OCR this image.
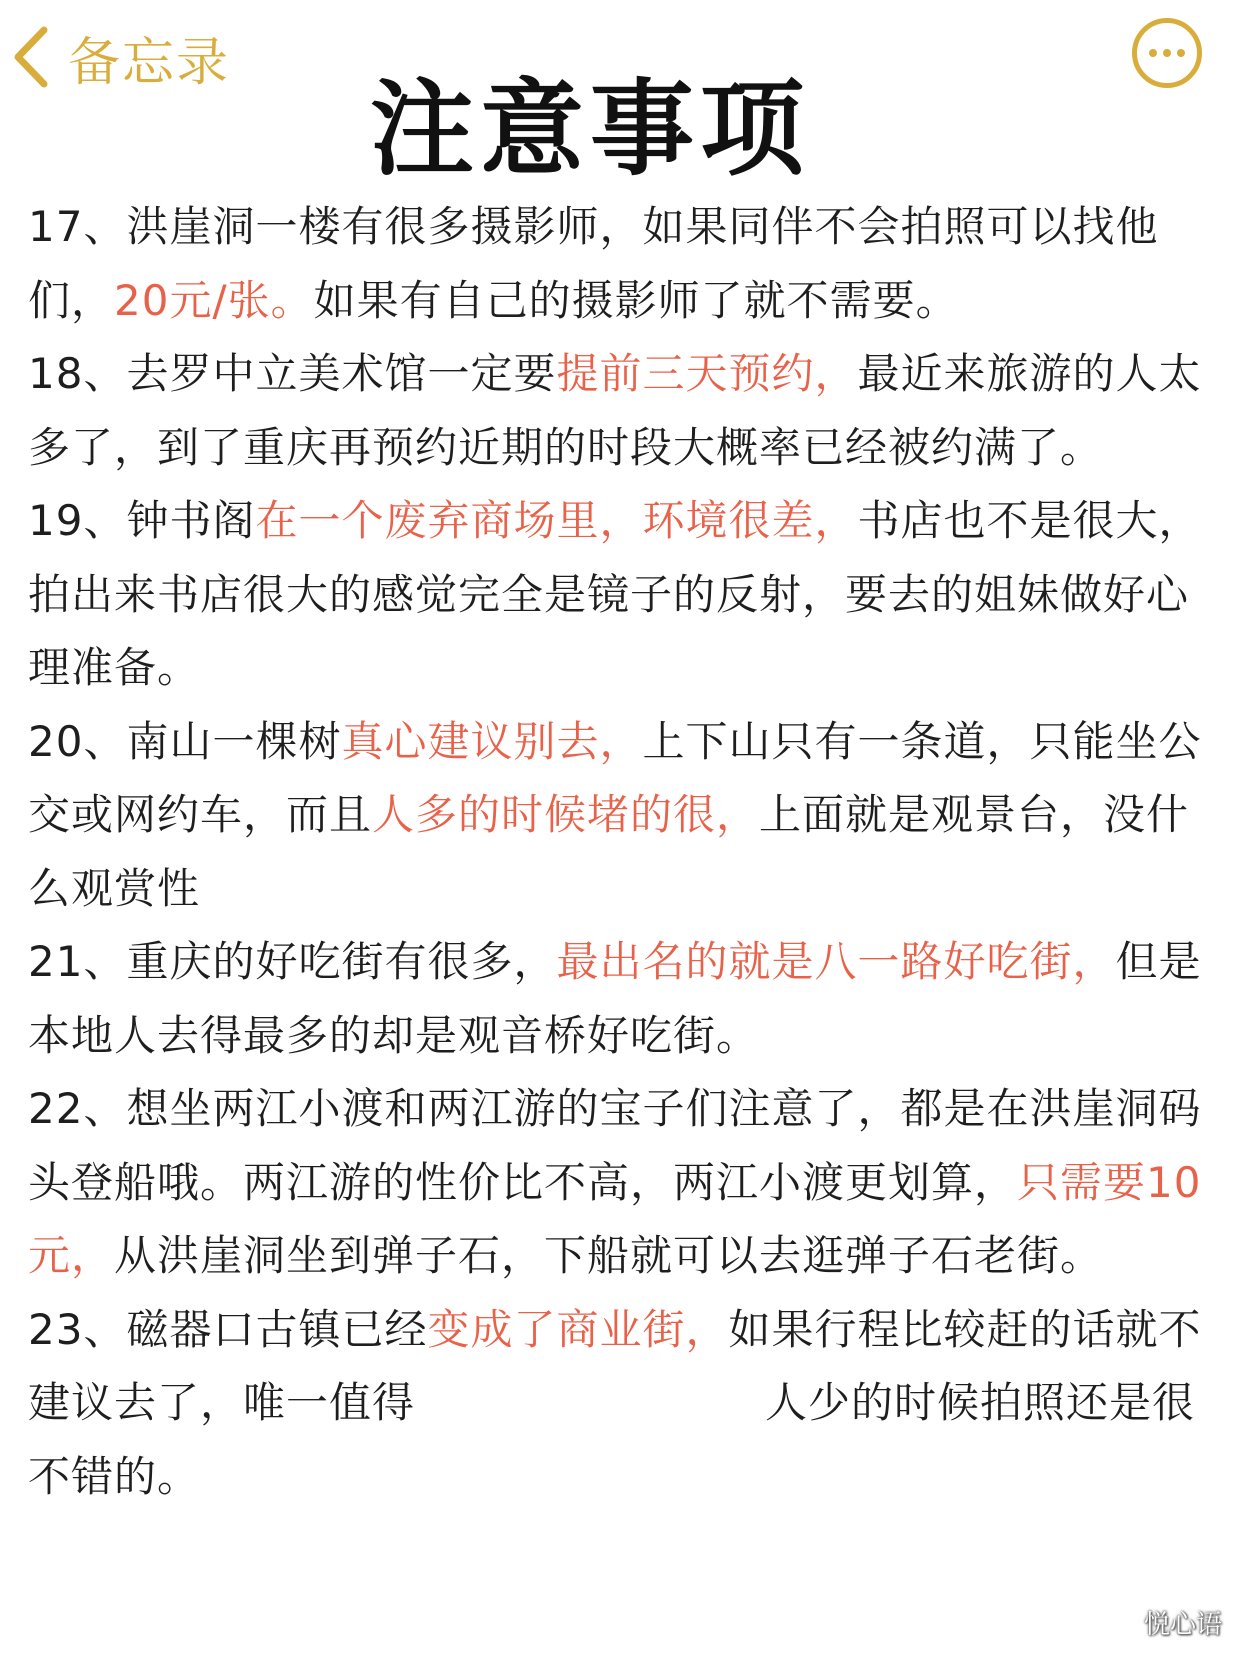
备忘录
注意事项

17、洪崖洞一楼有很多摄影师，如果同伴不会拍照可以找他们，20元/张。如果有自己的摄影师了就不需要。

18、去罗中立美术馆一定要提前三天预约，最近来旅游的人太多了，到了重庆再预约近期的时段大概率已经被约满了。

19、钟书阁在一个废弃商场里，环境很差，书店也不是很大，拍出来书店很大的感觉完全是镜子的反射，要去的姐妹做好心理准备。

20、南山一棵树真心建议别去，上下山只有一条道，只能坐公交或网约车，而且人多的时候堵的很，上面就是观景台，没什么观赏性

21、重庆的好吃街有很多，最出名的就是八一路好吃街，但是本地人去得最多的却是观音桥好吃街。

22、想坐两江小渡和两江游的宝子们注意了，都是在洪崖洞码头登船哦。两江游的性价比不高，两江小渡更划算，只需要10元，从洪崖洞坐到弹子石，下船就可以去逛弹子石老街。

23、磁器口古镇已经变成了商业街，如果行程比较赶的话就不建议去了，唯一值得	人少的时候拍照还是很不错的。

悦心语
